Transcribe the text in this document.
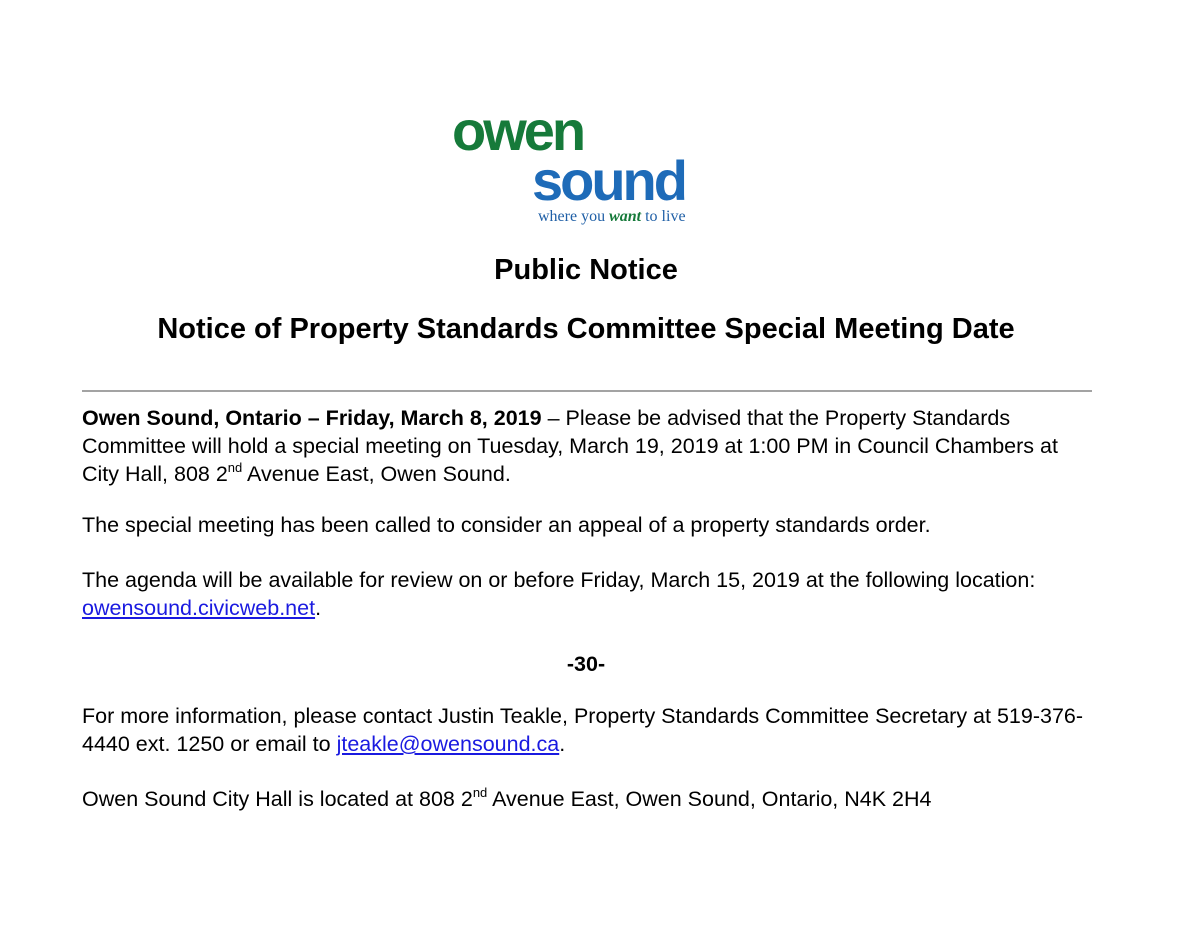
owen
sound
where you want to live
Public Notice
Notice of Property Standards Committee Special Meeting Date

Owen Sound, Ontario – Friday, March 8, 2019 – Please be advised that the Property Standards Committee will hold a special meeting on Tuesday, March 19, 2019 at 1:00 PM in Council Chambers at City Hall, 808 2nd Avenue East, Owen Sound.

The special meeting has been called to consider an appeal of a property standards order.

The agenda will be available for review on or before Friday, March 15, 2019 at the following location: owensound.civicweb.net.

-30-

For more information, please contact Justin Teakle, Property Standards Committee Secretary at 519-376-4440 ext. 1250 or email to jteakle@owensound.ca.

Owen Sound City Hall is located at 808 2nd Avenue East, Owen Sound, Ontario, N4K 2H4
